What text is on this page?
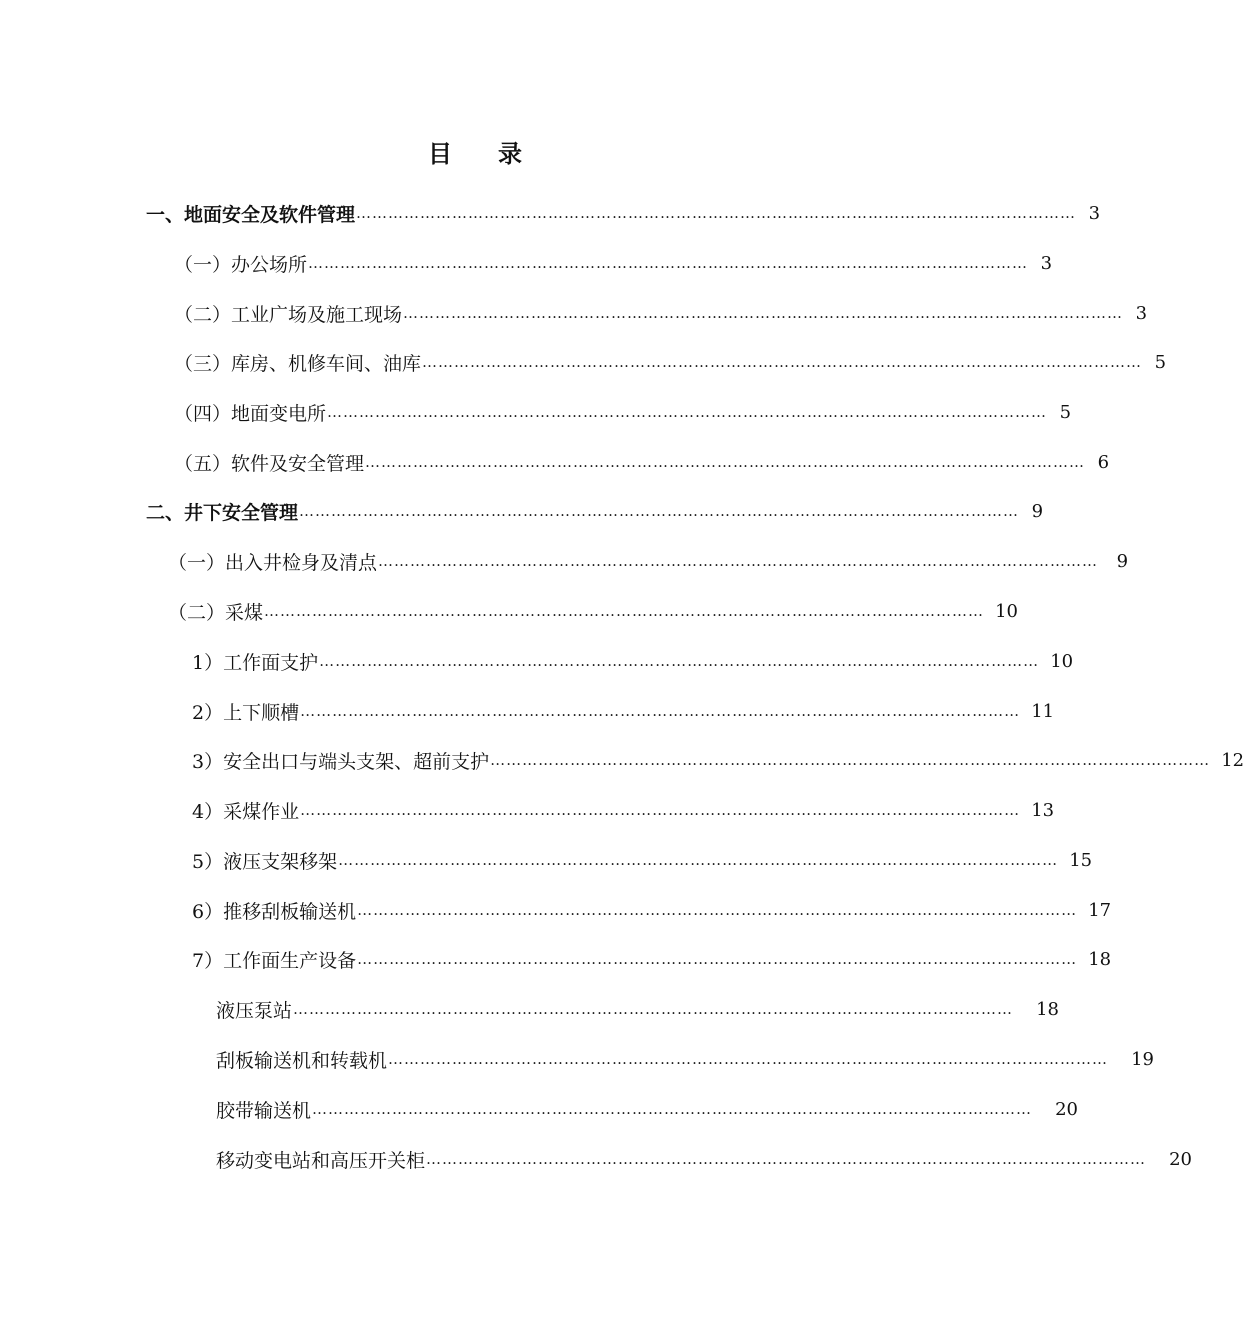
目 录
一、地面安全及软件管理 ……………………………………………………………………………………………………………………… 3
（一）办公场所 ……………………………………………………………………………………………………………………… 3
（二）工业广场及施工现场 ……………………………………………………………………………………………………………………… 3
（三）库房、机修车间、油库 ……………………………………………………………………………………………………………………… 5
（四）地面变电所 ……………………………………………………………………………………………………………………… 5
（五）软件及安全管理 ……………………………………………………………………………………………………………………… 6
二、井下安全管理 ……………………………………………………………………………………………………………………… 9
（一）出入井检身及清点 ……………………………………………………………………………………………………………………… 9
（二）采煤 ……………………………………………………………………………………………………………………… 10
1）工作面支护 ……………………………………………………………………………………………………………………… 10
2）上下顺槽 ……………………………………………………………………………………………………………………… 11
3）安全出口与端头支架、超前支护 ……………………………………………………………………………………………………………………… 12
4）采煤作业 ……………………………………………………………………………………………………………………… 13
5）液压支架移架 ……………………………………………………………………………………………………………………… 15
6）推移刮板输送机 ……………………………………………………………………………………………………………………… 17
7）工作面生产设备 ……………………………………………………………………………………………………………………… 18
液压泵站 ……………………………………………………………………………………………………………………… 18
刮板输送机和转载机 ……………………………………………………………………………………………………………………… 19
胶带输送机 ……………………………………………………………………………………………………………………… 20
移动变电站和高压开关柜 ……………………………………………………………………………………………………………………… 20
